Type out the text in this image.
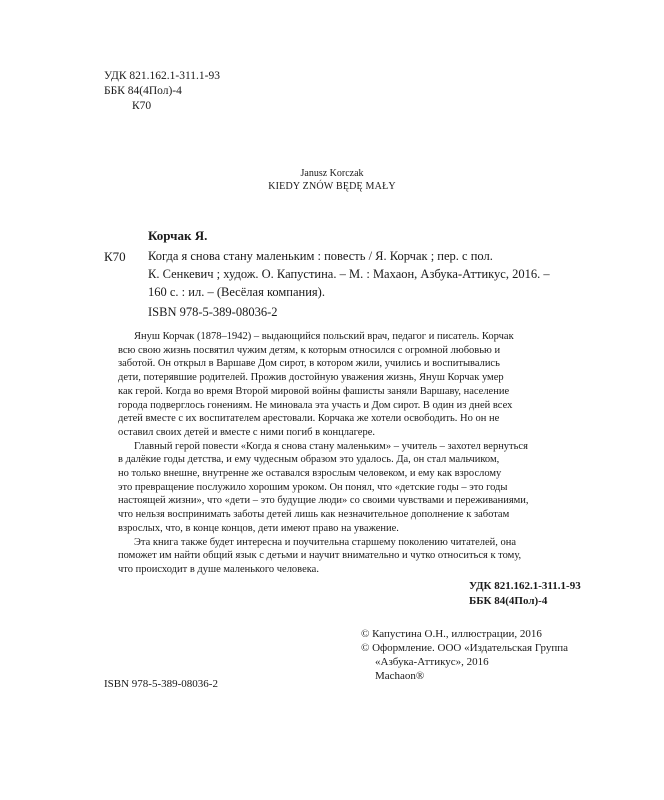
УДК 821.162.1-311.1-93
ББК 84(4Пол)-4
К70
Janusz Korczak
KIEDY ZNÓW BĘDĘ MAŁY
Корчак Я.
К70 Когда я снова стану маленьким : повесть / Я. Корчак ; пер. с пол.
К. Сенкевич ; худож. О. Капустина. – М. : Махаон, Азбука-Аттикус, 2016. –
160 с. : ил. – (Весёлая компания).
ISBN 978-5-389-08036-2
Януш Корчак (1878–1942) – выдающийся польский врач, педагог и писатель. Корчак
всю свою жизнь посвятил чужим детям, к которым относился с огромной любовью и
заботой. Он открыл в Варшаве Дом сирот, в котором жили, учились и воспитывались
дети, потерявшие родителей. Прожив достойную уважения жизнь, Януш Корчак умер
как герой. Когда во время Второй мировой войны фашисты заняли Варшаву, население
города подверглось гонениям. Не миновала эта участь и Дом сирот. В один из дней всех
детей вместе с их воспитателем арестовали. Корчака же хотели освободить. Но он не
оставил своих детей и вместе с ними погиб в концлагере.
Главный герой повести «Когда я снова стану маленьким» – учитель – захотел вернуться
в далёкие годы детства, и ему чудесным образом это удалось. Да, он стал мальчиком,
но только внешне, внутренне же оставался взрослым человеком, и ему как взрослому
это превращение послужило хорошим уроком. Он понял, что «детские годы – это годы
настоящей жизни», что «дети – это будущие люди» со своими чувствами и переживаниями,
что нельзя воспринимать заботы детей лишь как незначительное дополнение к заботам
взрослых, что, в конце концов, дети имеют право на уважение.
Эта книга также будет интересна и поучительна старшему поколению читателей, она
поможет им найти общий язык с детьми и научит внимательно и чутко относиться к тому,
что происходит в душе маленького человека.
УДК 821.162.1-311.1-93
ББК 84(4Пол)-4
© Капустина О.Н., иллюстрации, 2016
© Оформление. ООО «Издательская Группа
«Азбука-Аттикус», 2016
Machaon®
ISBN 978-5-389-08036-2
